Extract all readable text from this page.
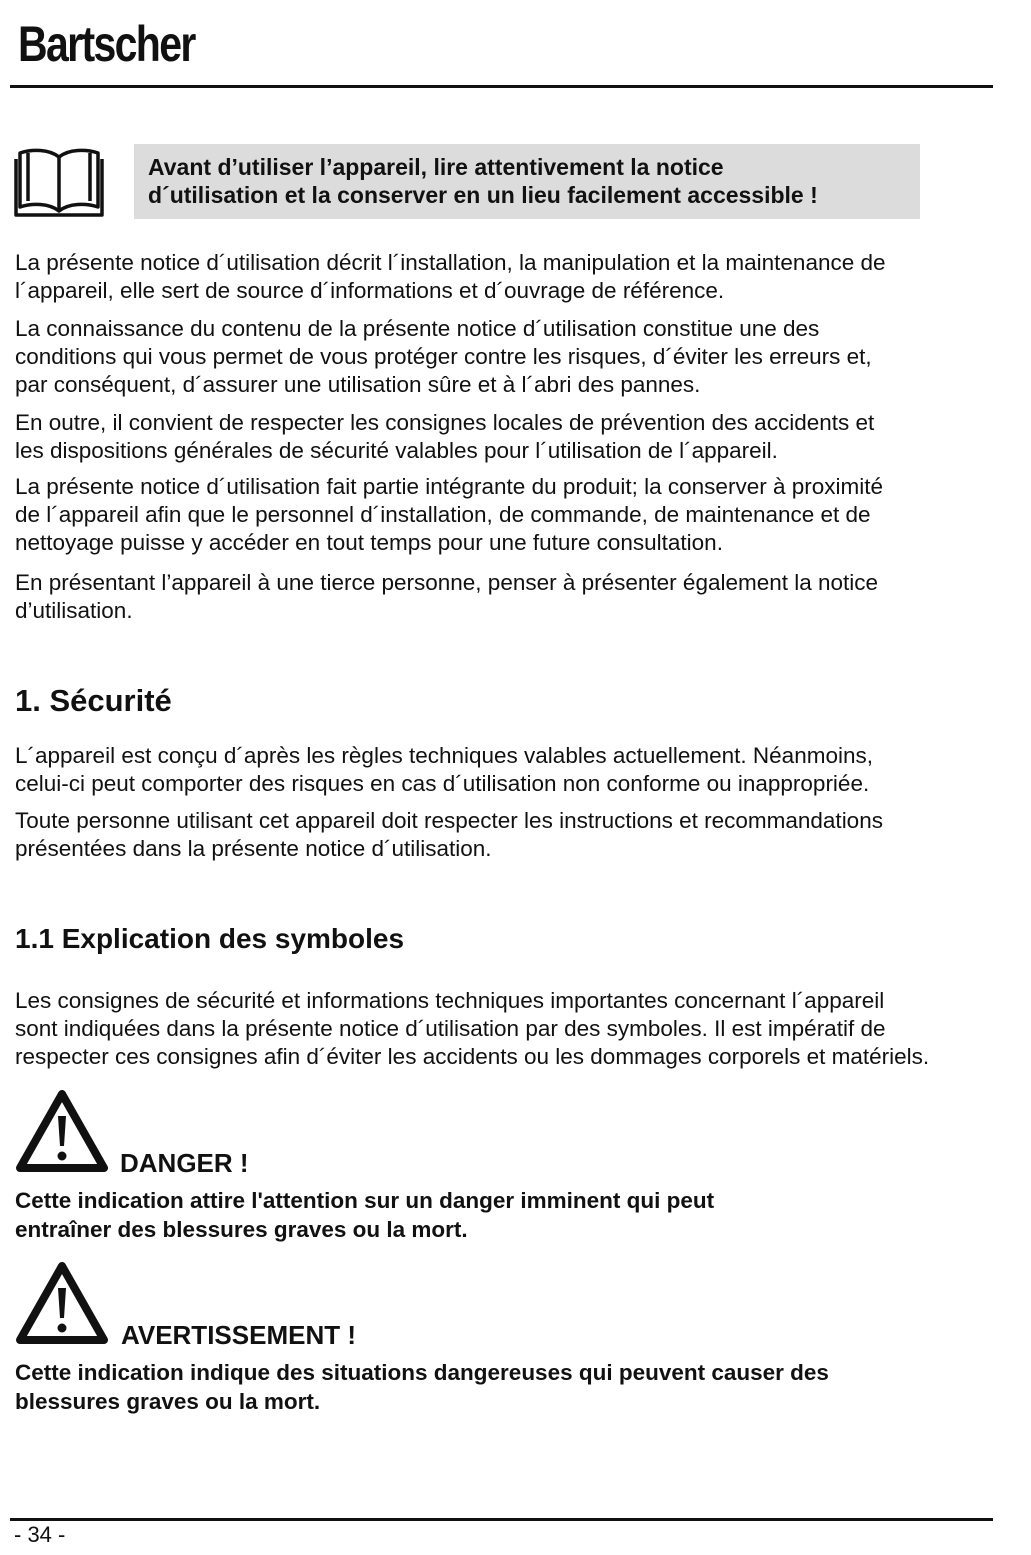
Bartscher
Avant d’utiliser l’appareil, lire attentivement la notice
d´utilisation et la conserver en un lieu facilement accessible !
La présente notice d´utilisation décrit l´installation, la manipulation et la maintenance de
l´appareil, elle sert de source d´informations et d´ouvrage de référence.
La connaissance du contenu de la présente notice d´utilisation constitue une des
conditions qui vous permet de vous protéger contre les risques, d´éviter les erreurs et,
par conséquent, d´assurer une utilisation sûre et à l´abri des pannes.
En outre, il convient de respecter les consignes locales de prévention des accidents et
les dispositions générales de sécurité valables pour l´utilisation de l´appareil.
La présente notice d´utilisation fait partie intégrante du produit; la conserver à proximité
de l´appareil afin que le personnel d´installation, de commande, de maintenance et de
nettoyage puisse y accéder en tout temps pour une future consultation.
En présentant l’appareil à une tierce personne, penser à présenter également la notice
d’utilisation.
1. Sécurité
L´appareil est conçu d´après les règles techniques valables actuellement. Néanmoins,
celui-ci peut comporter des risques en cas d´utilisation non conforme ou inappropriée.
Toute personne utilisant cet appareil doit respecter les instructions et recommandations
présentées dans la présente notice d´utilisation.
1.1 Explication des symboles
Les consignes de sécurité et informations techniques importantes concernant l´appareil
sont indiquées dans la présente notice d´utilisation par des symboles. Il est impératif de
respecter ces consignes afin d´éviter les accidents ou les dommages corporels et matériels.
DANGER !
Cette indication attire l'attention sur un danger imminent qui peut
entraîner des blessures graves ou la mort.
AVERTISSEMENT !
Cette indication indique des situations dangereuses qui peuvent causer des
blessures graves ou la mort.
- 34 -
